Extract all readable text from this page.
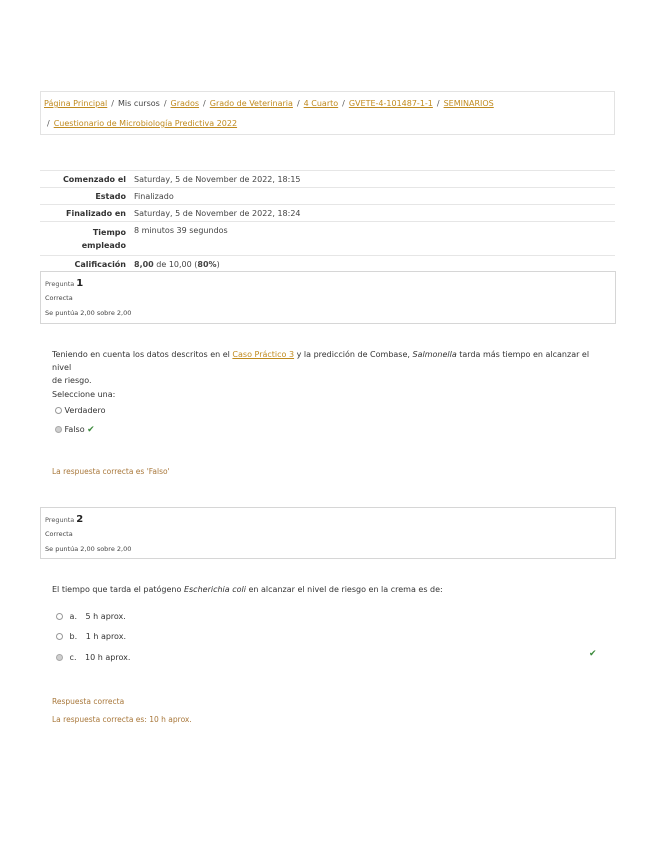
Página Principal / Mis cursos / Grados / Grado de Veterinaria / 4 Cuarto / GVETE-4-101487-1-1 / SEMINARIOS
/ Cuestionario de Microbiología Predictiva 2022
Comenzado el	Saturday, 5 de November de 2022, 18:15
Estado	Finalizado
Finalizado en	Saturday, 5 de November de 2022, 18:24
Tiempo
empleado	8 minutos 39 segundos
Calificación	8,00 de 10,00 (80%)
Pregunta 1
Correcta
Se puntúa 2,00 sobre 2,00
Teniendo en cuenta los datos descritos en el Caso Práctico 3 y la predicción de Combase, Salmonella tarda más tiempo en alcanzar el nivel
de riesgo.
Seleccione una:
Verdadero
Falso ✔
La respuesta correcta es 'Falso'
Pregunta 2
Correcta
Se puntúa 2,00 sobre 2,00
El tiempo que tarda el patógeno Escherichia coli en alcanzar el nivel de riesgo en la crema es de:
a. 5 h aprox.
b. 1 h aprox.
c. 10 h aprox.	✔
Respuesta correcta
La respuesta correcta es: 10 h aprox.
